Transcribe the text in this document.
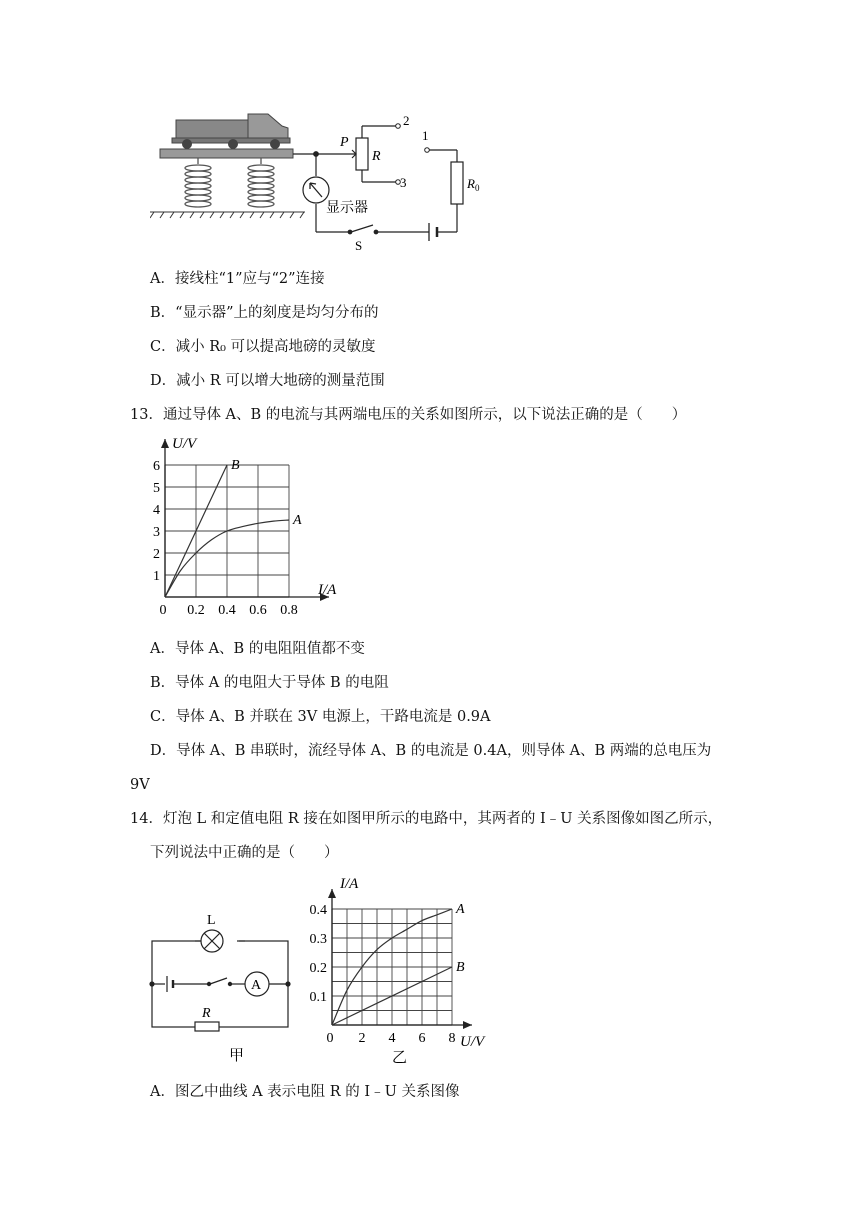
P
R
2
3
1
$R_0$
显示器
S
A．接线柱“1”应与“2”连接
B．“显示器”上的刻度是均匀分布的
C．减小 R₀ 可以提高地磅的灵敏度
D．减小 R 可以增大地磅的测量范围
13．通过导体 A、B 的电流与其两端电压的关系如图所示，以下说法正确的是（　　）
0.2 0.4 0.6 0.8
1
2
3
4
5
6
0
U/V
I/A
B
A
A．导体 A、B 的电阻阻值都不变
B．导体 A 的电阻大于导体 B 的电阻
C．导体 A、B 并联在 3V 电源上，干路电流是 0.9A
D．导体 A、B 串联时，流经导体 A、B 的电流是 0.4A，则导体 A、B 两端的总电压为
9V
14．灯泡 L 和定值电阻 R 接在如图甲所示的电路中，其两者的 I﹣U 关系图像如图乙所示，
下列说法中正确的是（　　）
L
A
R
甲
2 4 6 8
0.1
0.2
0.3
0.4
0
I/A
U/V
A
B
乙
A．图乙中曲线 A 表示电阻 R 的 I﹣U 关系图像
